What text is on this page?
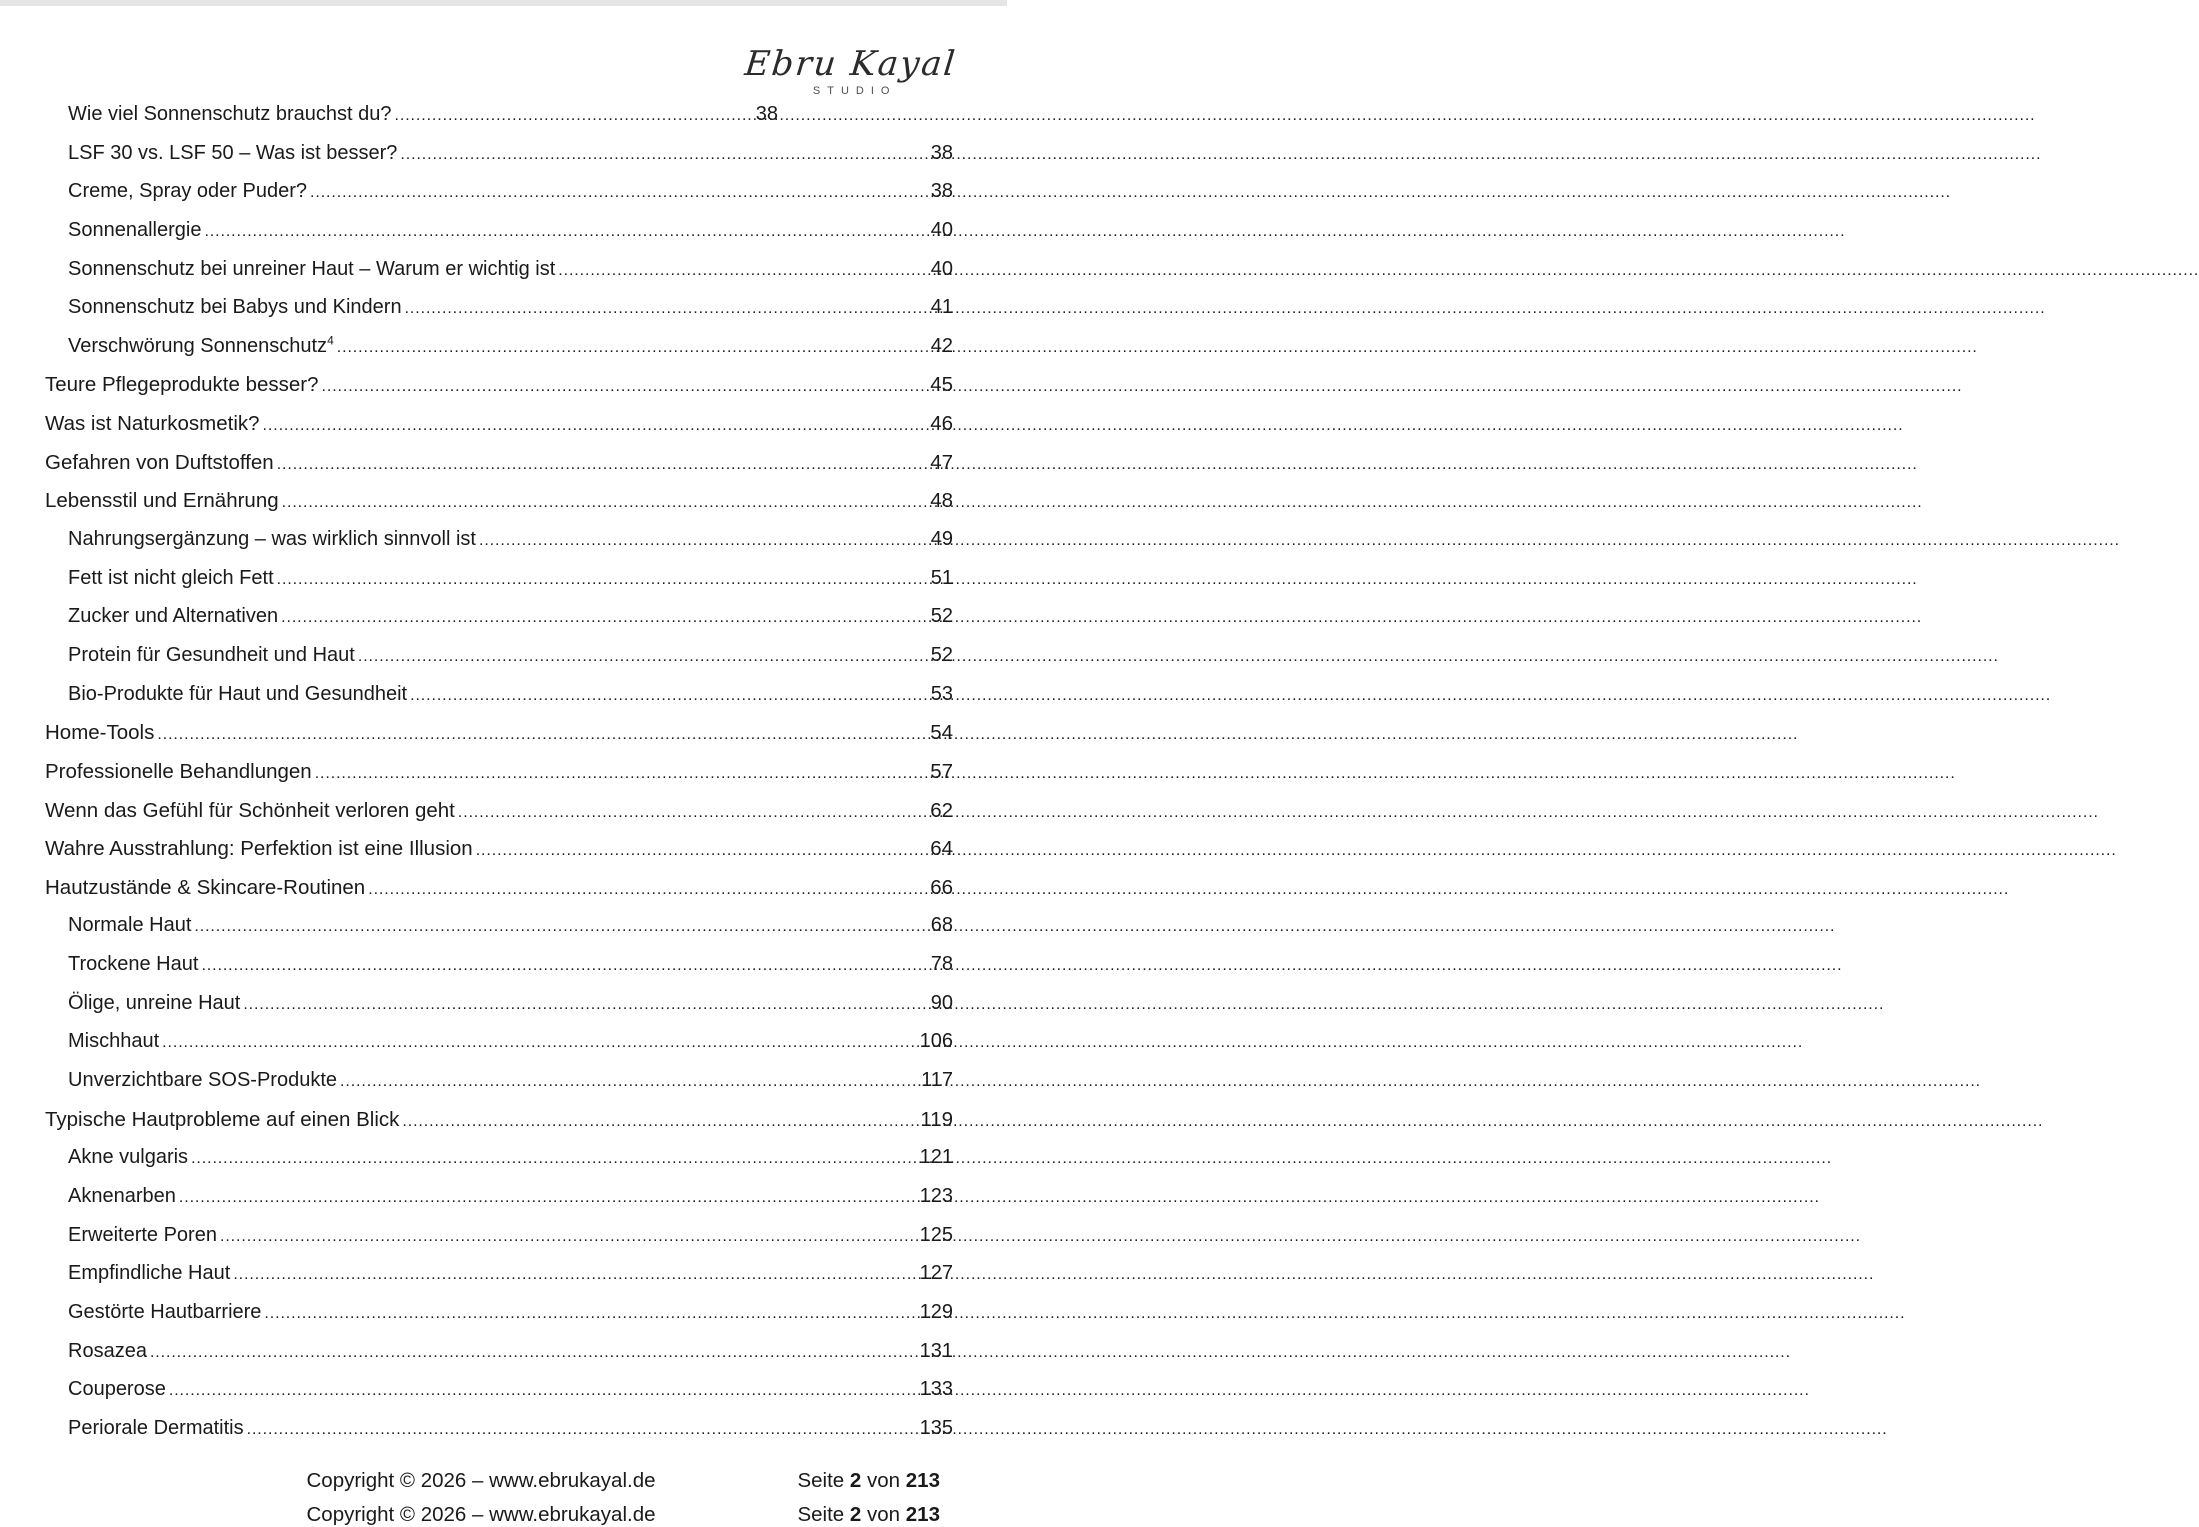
Ebru Kayal
STUDIO
Wie viel Sonnenschutz brauchst du? .....	38
LSF 30 vs. LSF 50 – Was ist besser? .....	38
Creme, Spray oder Puder? .....	38
Sonnenallergie .....	40
Sonnenschutz bei unreiner Haut – Warum er wichtig ist .....	40
Sonnenschutz bei Babys und Kindern .....	41
Verschwörung Sonnenschutz$^4$ .....	42
Teure Pflegeprodukte besser? .....	45
Was ist Naturkosmetik? .....	46
Gefahren von Duftstoffen .....	47
Lebensstil und Ernährung .....	48
Nahrungsergänzung – was wirklich sinnvoll ist .....	49
Fett ist nicht gleich Fett .....	51
Zucker und Alternativen .....	52
Protein für Gesundheit und Haut .....	52
Bio-Produkte für Haut und Gesundheit .....	53
Home-Tools .....	54
Professionelle Behandlungen .....	57
Wenn das Gefühl für Schönheit verloren geht .....	62
Wahre Ausstrahlung: Perfektion ist eine Illusion .....	64
Hautzustände & Skincare-Routinen .....	66
Normale Haut .....	68
Trockene Haut .....	78
Ölige, unreine Haut .....	90
Mischhaut .....	106
Unverzichtbare SOS-Produkte .....	117
Typische Hautprobleme auf einen Blick .....	119
Akne vulgaris .....	121
Aknenarben .....	123
Erweiterte Poren .....	125
Empfindliche Haut .....	127
Gestörte Hautbarriere .....	129
Rosazea .....	131
Couperose .....	133
Periorale Dermatitis .....	135
Copyright © 2026 – www.ebrukayal.de	Seite 2 von 213
Copyright © 2026 – www.ebrukayal.de	Seite 2 von 213
